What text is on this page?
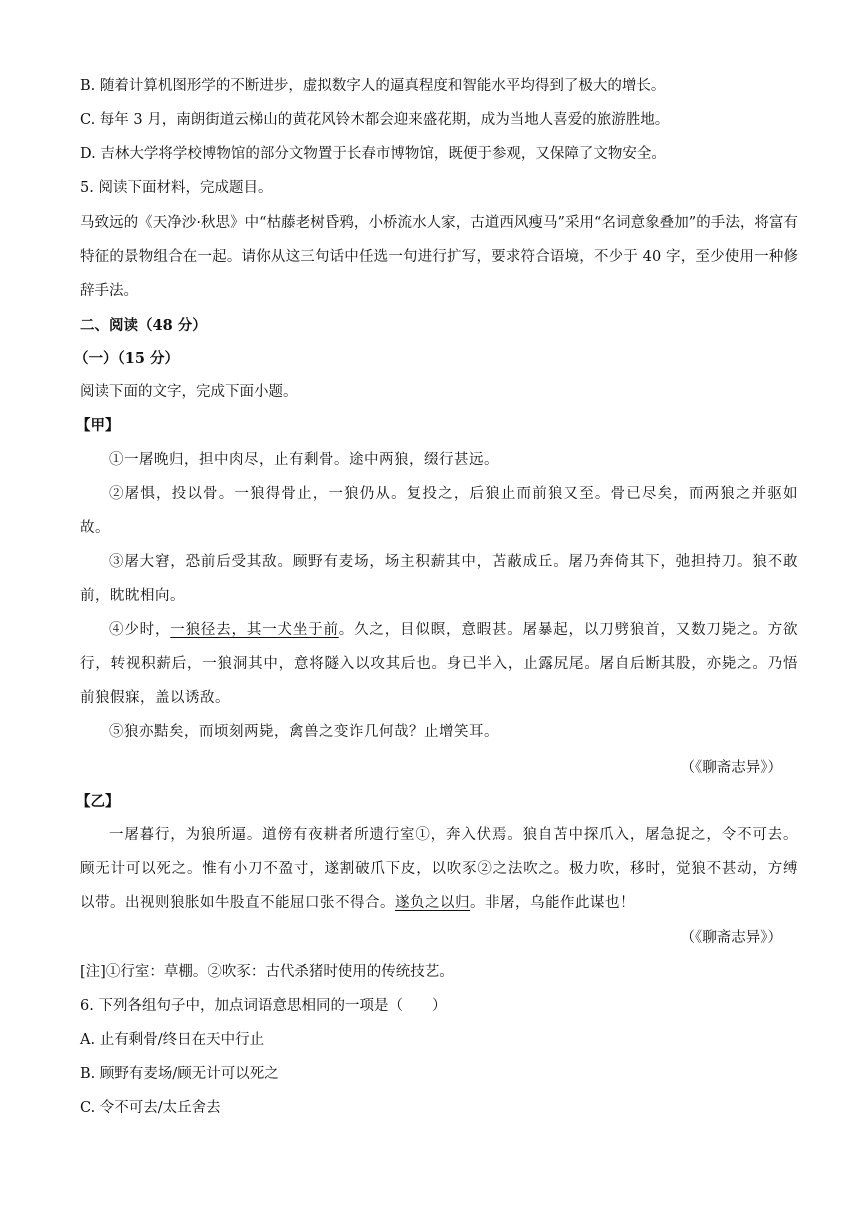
B. 随着计算机图形学的不断进步，虚拟数字人的逼真程度和智能水平均得到了极大的增长。
C. 每年 3 月，南朗街道云梯山的黄花风铃木都会迎来盛花期，成为当地人喜爱的旅游胜地。
D. 吉林大学将学校博物馆的部分文物置于长春市博物馆，既便于参观，又保障了文物安全。
5. 阅读下面材料，完成题目。
马致远的《天净沙·秋思》中“枯藤老树昏鸦，小桥流水人家，古道西风瘦马”采用“名词意象叠加”的手法，将富有特征的景物组合在一起。请你从这三句话中任选一句进行扩写，要求符合语境，不少于 40 字，至少使用一种修辞手法。
二、阅读（48 分）
（一）（15 分）
阅读下面的文字，完成下面小题。
【甲】
①一屠晚归，担中肉尽，止有剩骨。途中两狼，缀行甚远。
②屠惧，投以骨。一狼得骨止，一狼仍从。复投之，后狼止而前狼又至。骨已尽矣，而两狼之并驱如故。
③屠大窘，恐前后受其敌。顾野有麦场，场主积薪其中，苫蔽成丘。屠乃奔倚其下，弛担持刀。狼不敢前，眈眈相向。
④少时，一狼径去，其一犬坐于前。久之，目似瞑，意暇甚。屠暴起，以刀劈狼首，又数刀毙之。方欲行，转视积薪后，一狼洞其中，意将隧入以攻其后也。身已半入，止露尻尾。屠自后断其股，亦毙之。乃悟前狼假寐，盖以诱敌。
⑤狼亦黠矣，而顷刻两毙，禽兽之变诈几何哉？止增笑耳。
（《聊斋志异》）
【乙】
一屠暮行，为狼所逼。道傍有夜耕者所遗行室①，奔入伏焉。狼自苫中探爪入，屠急捉之，令不可去。顾无计可以死之。惟有小刀不盈寸，遂割破爪下皮，以吹豕②之法吹之。极力吹，移时，觉狼不甚动，方缚以带。出视则狼胀如牛股直不能屈口张不得合。遂负之以归。非屠，乌能作此谋也！
（《聊斋志异》）
[注]①行室：草棚。②吹豕：古代杀猪时使用的传统技艺。
6. 下列各组句子中，加点词语意思相同的一项是（　　）
A. 止有剩骨/终日在天中行止
B. 顾野有麦场/顾无计可以死之
C. 令不可去/太丘舍去
